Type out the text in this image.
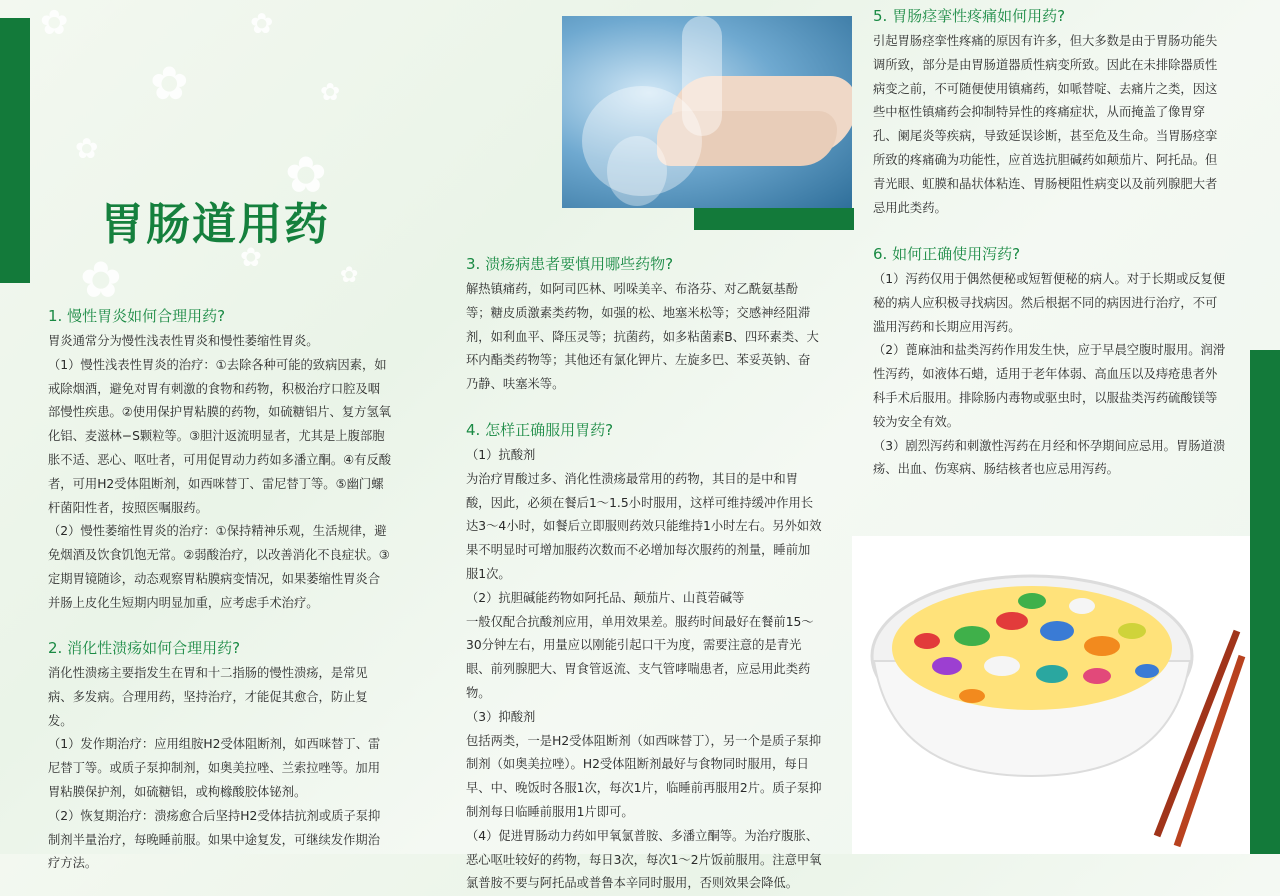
✿
✿
✿
✿
✿	✿
✿	✿
✿
胃肠道用药
1. 慢性胃炎如何合理用药?

胃炎通常分为慢性浅表性胃炎和慢性萎缩性胃炎。

（1）慢性浅表性胃炎的治疗：①去除各种可能的致病因素，如戒除烟酒，避免对胃有刺激的食物和药物，积极治疗口腔及咽部慢性疾患。②使用保护胃粘膜的药物，如硫糖铝片、复方氢氧化铝、麦滋林−S颗粒等。③胆汁返流明显者，尤其是上腹部胞胀不适、恶心、呕吐者，可用促胃动力药如多潘立酮。④有反酸者，可用H2受体阻断剂，如西咪替丁、雷尼替丁等。⑤幽门螺杆菌阳性者，按照医嘱服药。

（2）慢性萎缩性胃炎的治疗：①保持精神乐观，生活规律，避免烟酒及饮食饥饱无常。②弱酸治疗，以改善消化不良症状。③定期胃镜随诊，动态观察胃粘膜病变情况，如果萎缩性胃炎合并肠上皮化生短期内明显加重，应考虑手术治疗。

2. 消化性溃疡如何合理用药?

消化性溃疡主要指发生在胃和十二指肠的慢性溃疡，是常见病、多发病。合理用药，坚持治疗，才能促其愈合，防止复发。

（1）发作期治疗：应用组胺H2受体阻断剂，如西咪替丁、雷尼替丁等。或质子泵抑制剂，如奥美拉唑、兰索拉唑等。加用胃粘膜保护剂，如硫糖铝，或枸橼酸胶体铋剂。

（2）恢复期治疗：溃疡愈合后坚持H2受体拮抗剂或质子泵抑制剂半量治疗，每晚睡前服。如果中途复发，可继续发作期治疗方法。

3. 溃疡病患者要慎用哪些药物?

解热镇痛药，如阿司匹林、吲哚美辛、布洛芬、对乙酰氨基酚等；糖皮质激素类药物，如强的松、地塞米松等；交感神经阻滞剂，如利血平、降压灵等；抗菌药，如多粘菌素B、四环素类、大环内酯类药物等；其他还有氯化钾片、左旋多巴、苯妥英钠、奋乃静、呋塞米等。

4. 怎样正确服用胃药?

（1）抗酸剂

为治疗胃酸过多、消化性溃疡最常用的药物，其目的是中和胃酸，因此，必须在餐后1～1.5小时服用，这样可维持缓冲作用长达3～4小时，如餐后立即服则药效只能维持1小时左右。另外如效果不明显时可增加服药次数而不必增加每次服药的剂量，睡前加服1次。

（2）抗胆碱能药物如阿托品、颠茄片、山莨菪碱等

一般仅配合抗酸剂应用，单用效果差。服药时间最好在餐前15～30分钟左右，用量应以刚能引起口干为度，需要注意的是青光眼、前列腺肥大、胃食管返流、支气管哮喘患者，应忌用此类药物。

（3）抑酸剂

包括两类，一是H2受体阻断剂（如西咪替丁），另一个是质子泵抑制剂（如奥美拉唑）。H2受体阻断剂最好与食物同时服用，每日早、中、晚饭时各服1次，每次1片，临睡前再服用2片。质子泵抑制剂每日临睡前服用1片即可。

（4）促进胃肠动力药如甲氧氯普胺、多潘立酮等。为治疗腹胀、恶心呕吐较好的药物，每日3次，每次1～2片饭前服用。注意甲氧氯普胺不要与阿托品或普鲁本辛同时服用，否则效果会降低。

5. 胃肠痉挛性疼痛如何用药?

引起胃肠痉挛性疼痛的原因有许多，但大多数是由于胃肠功能失调所致，部分是由胃肠道器质性病变所致。因此在未排除器质性病变之前，不可随便使用镇痛药，如哌替啶、去痛片之类，因这些中枢性镇痛药会抑制特异性的疼痛症状，从而掩盖了像胃穿孔、阑尾炎等疾病，导致延误诊断，甚至危及生命。当胃肠痉挛所致的疼痛确为功能性，应首选抗胆碱药如颠茄片、阿托品。但青光眼、虹膜和晶状体粘连、胃肠梗阻性病变以及前列腺肥大者忌用此类药。

6. 如何正确使用泻药?

（1）泻药仅用于偶然便秘或短暂便秘的病人。对于长期或反复便秘的病人应积极寻找病因。然后根据不同的病因进行治疗，不可滥用泻药和长期应用泻药。

（2）蓖麻油和盐类泻药作用发生快，应于早晨空腹时服用。润滑性泻药，如液体石蜡，适用于老年体弱、高血压以及痔疮患者外科手术后服用。排除肠内毒物或驱虫时，以服盐类泻药硫酸镁等较为安全有效。

（3）剧烈泻药和刺激性泻药在月经和怀孕期间应忌用。胃肠道溃疡、出血、伤寒病、肠结核者也应忌用泻药。
